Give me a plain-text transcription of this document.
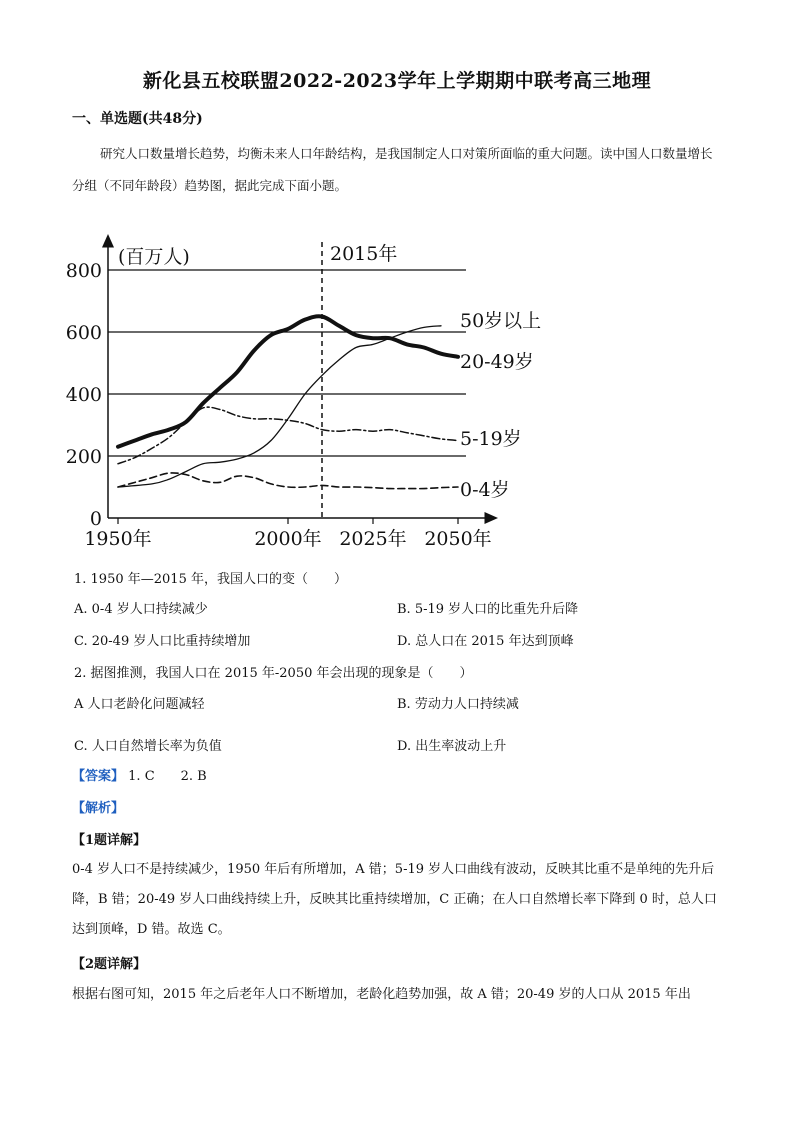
新化县五校联盟2022-2023学年上学期期中联考高三地理
一、单选题(共48分)
研究人口数量增长趋势，均衡未来人口年龄结构，是我国制定人口对策所面临的重大问题。读中国人口数量增长分组（不同年龄段）趋势图，据此完成下面小题。
0
200
400
600
800
1950年	2000年 2025年 2050年
2015年
(百万人)
50岁以上
20-49岁
5-19岁
0-4岁
1. 1950 年—2015 年，我国人口的变（　　）
A. 0-4 岁人口持续减少	B. 5-19 岁人口的比重先升后降
C. 20-49 岁人口比重持续增加	D. 总人口在 2015 年达到顶峰
2. 据图推测，我国人口在 2015 年-2050 年会出现的现象是（　　）
A 人口老龄化问题减轻	B. 劳动力人口持续减
C. 人口自然增长率为负值	D. 出生率波动上升
【答案】 1. C　　2. B
【解析】
【1题详解】
0-4 岁人口不是持续减少，1950 年后有所增加，A 错；5-19 岁人口曲线有波动，反映其比重不是单纯的先升后降，B 错；20-49 岁人口曲线持续上升，反映其比重持续增加，C 正确；在人口自然增长率下降到 0 时，总人口达到顶峰，D 错。故选 C。
【2题详解】
根据右图可知，2015 年之后老年人口不断增加，老龄化趋势加强，故 A 错；20-49 岁的人口从 2015 年出
